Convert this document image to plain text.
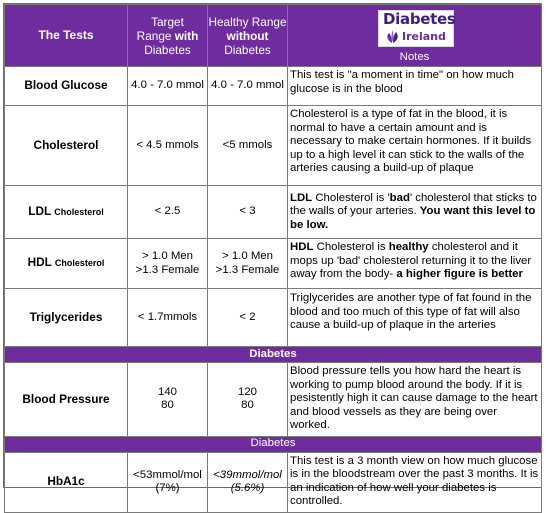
The Tests	Target
Range with
Diabetes	Healthy Range
without
Diabetes	Diabetes
Ireland
Notes

Blood Glucose	4.0 - 7.0 mmol	4.0 - 7.0 mmol	This test is "a moment in time" on how much glucose is in the blood
Cholesterol	< 4.5 mmols	<5 mmols	Cholesterol is a type of fat in the blood, it is normal to have a certain amount and is necessary to make certain hormones. If it builds up to a high level it can stick to the walls of the arteries causing a build-up of plaque
LDL Cholesterol	< 2.5	< 3	LDL Cholesterol is 'bad' cholesterol that sticks to the walls of your arteries. You want this level to be low.
HDL Cholesterol	> 1.0 Men
>1.3 Female	> 1.0 Men
>1.3 Female	HDL Cholesterol is healthy cholesterol and it mops up 'bad' cholesterol returning it to the liver away from the body- a higher figure is better
Triglycerides	< 1.7mmols	< 2	Triglycerides are another type of fat found in the blood and too much of this type of fat will also cause a build-up of plaque in the arteries
Diabetes			
Blood Pressure	140
80	120
80	Blood pressure tells you how hard the heart is working to pump blood around the body. If it is pesistently high it can cause damage to the heart and blood vessels as they are being over worked.
Diabetes			
HbA1c	<53mmol/mol
(7%)	<39mmol/mol
(5.6%)	This test is a 3 month view on how much glucose is in the bloodstream over the past 3 months. It is an indication of how well your diabetes is controlled.
